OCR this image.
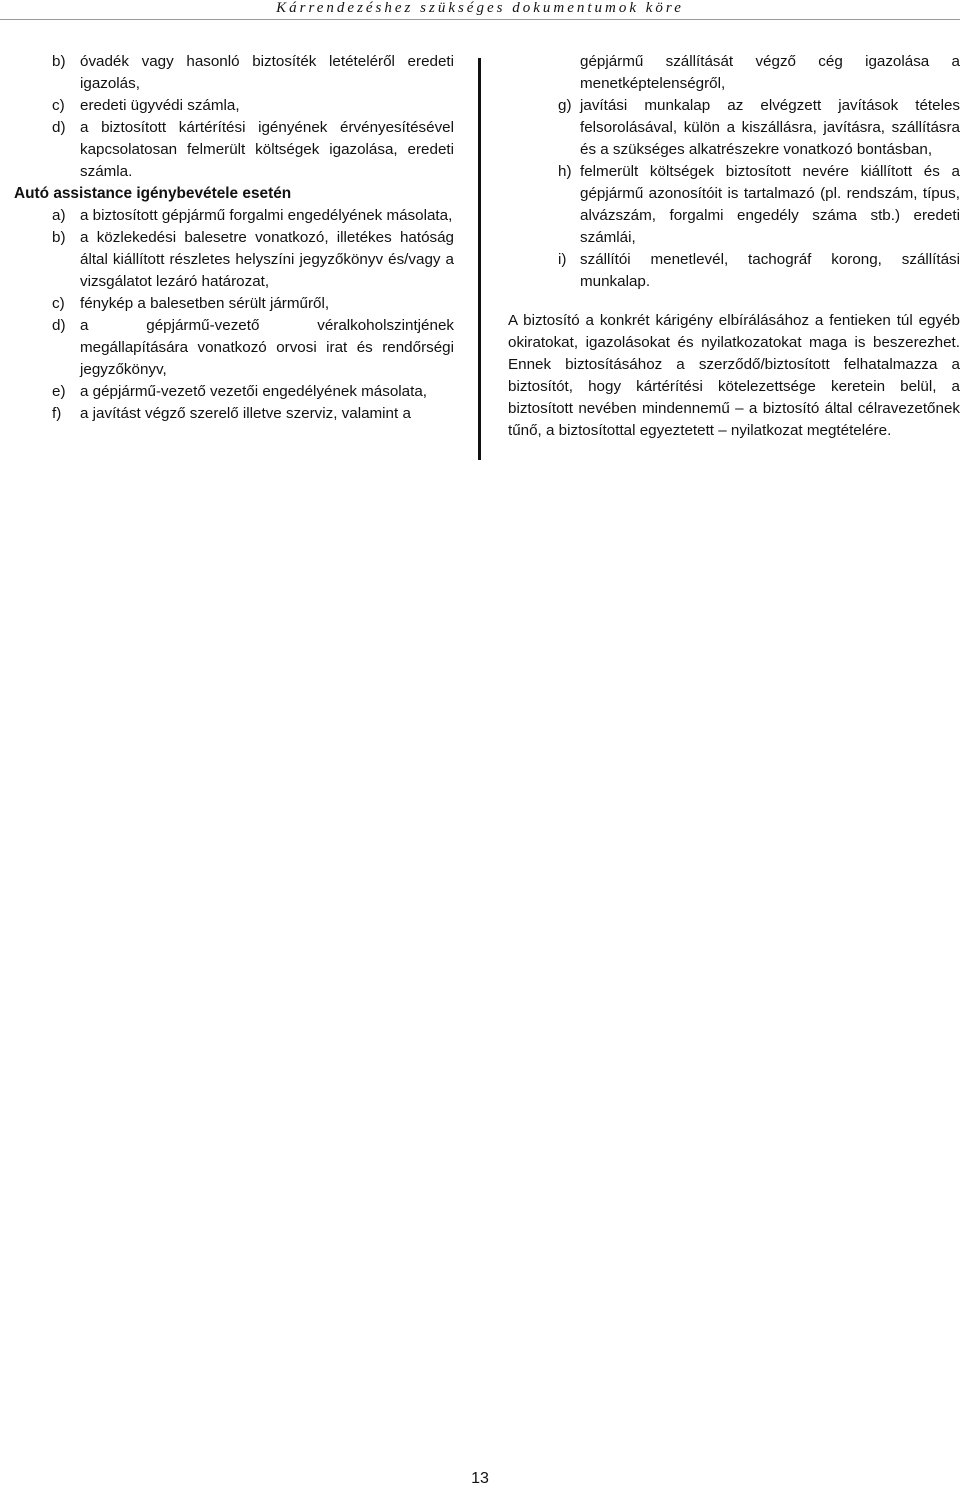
Kárrendezéshez szükséges dokumentumok köre
b) óvadék vagy hasonló biztosíték letételéről eredeti igazolás,
c) eredeti ügyvédi számla,
d) a biztosított kártérítési igényének érvényesítésével kapcsolatosan felmerült költségek igazolása, eredeti számla.
Autó assistance igénybevétele esetén
a) a biztosított gépjármű forgalmi engedélyének másolata,
b) a közlekedési balesetre vonatkozó, illetékes hatóság által kiállított részletes helyszíni jegyzőkönyv és/vagy a vizsgálatot lezáró határozat,
c) fénykép a balesetben sérült járműről,
d) a gépjármű-vezető véralkoholszintjének megállapítására vonatkozó orvosi irat és rendőrségi jegyzőkönyv,
e) a gépjármű-vezető vezetői engedélyének másolata,
f) a javítást végző szerelő illetve szerviz, valamint a
gépjármű szállítását végző cég igazolása a menetképtelenségről,
g) javítási munkalap az elvégzett javítások tételes felsorolásával, külön a kiszállásra, javításra, szállításra és a szükséges alkatrészekre vonatkozó bontásban,
h) felmerült költségek biztosított nevére kiállított és a gépjármű azonosítóit is tartalmazó (pl. rendszám, típus, alvázszám, forgalmi engedély száma stb.) eredeti számlái,
i) szállítói menetlevél, tachográf korong, szállítási munkalap.
A biztosító a konkrét kárigény elbírálásához a fentieken túl egyéb okiratokat, igazolásokat és nyilatkozatokat maga is beszerezhet. Ennek biztosításához a szerződő/biztosított felhatalmazza a biztosítót, hogy kártérítési kötelezettsége keretein belül, a biztosított nevében mindennemű – a biztosító által célravezetőnek tűnő, a biztosítottal egyeztetett – nyilatkozat megtételére.
13
